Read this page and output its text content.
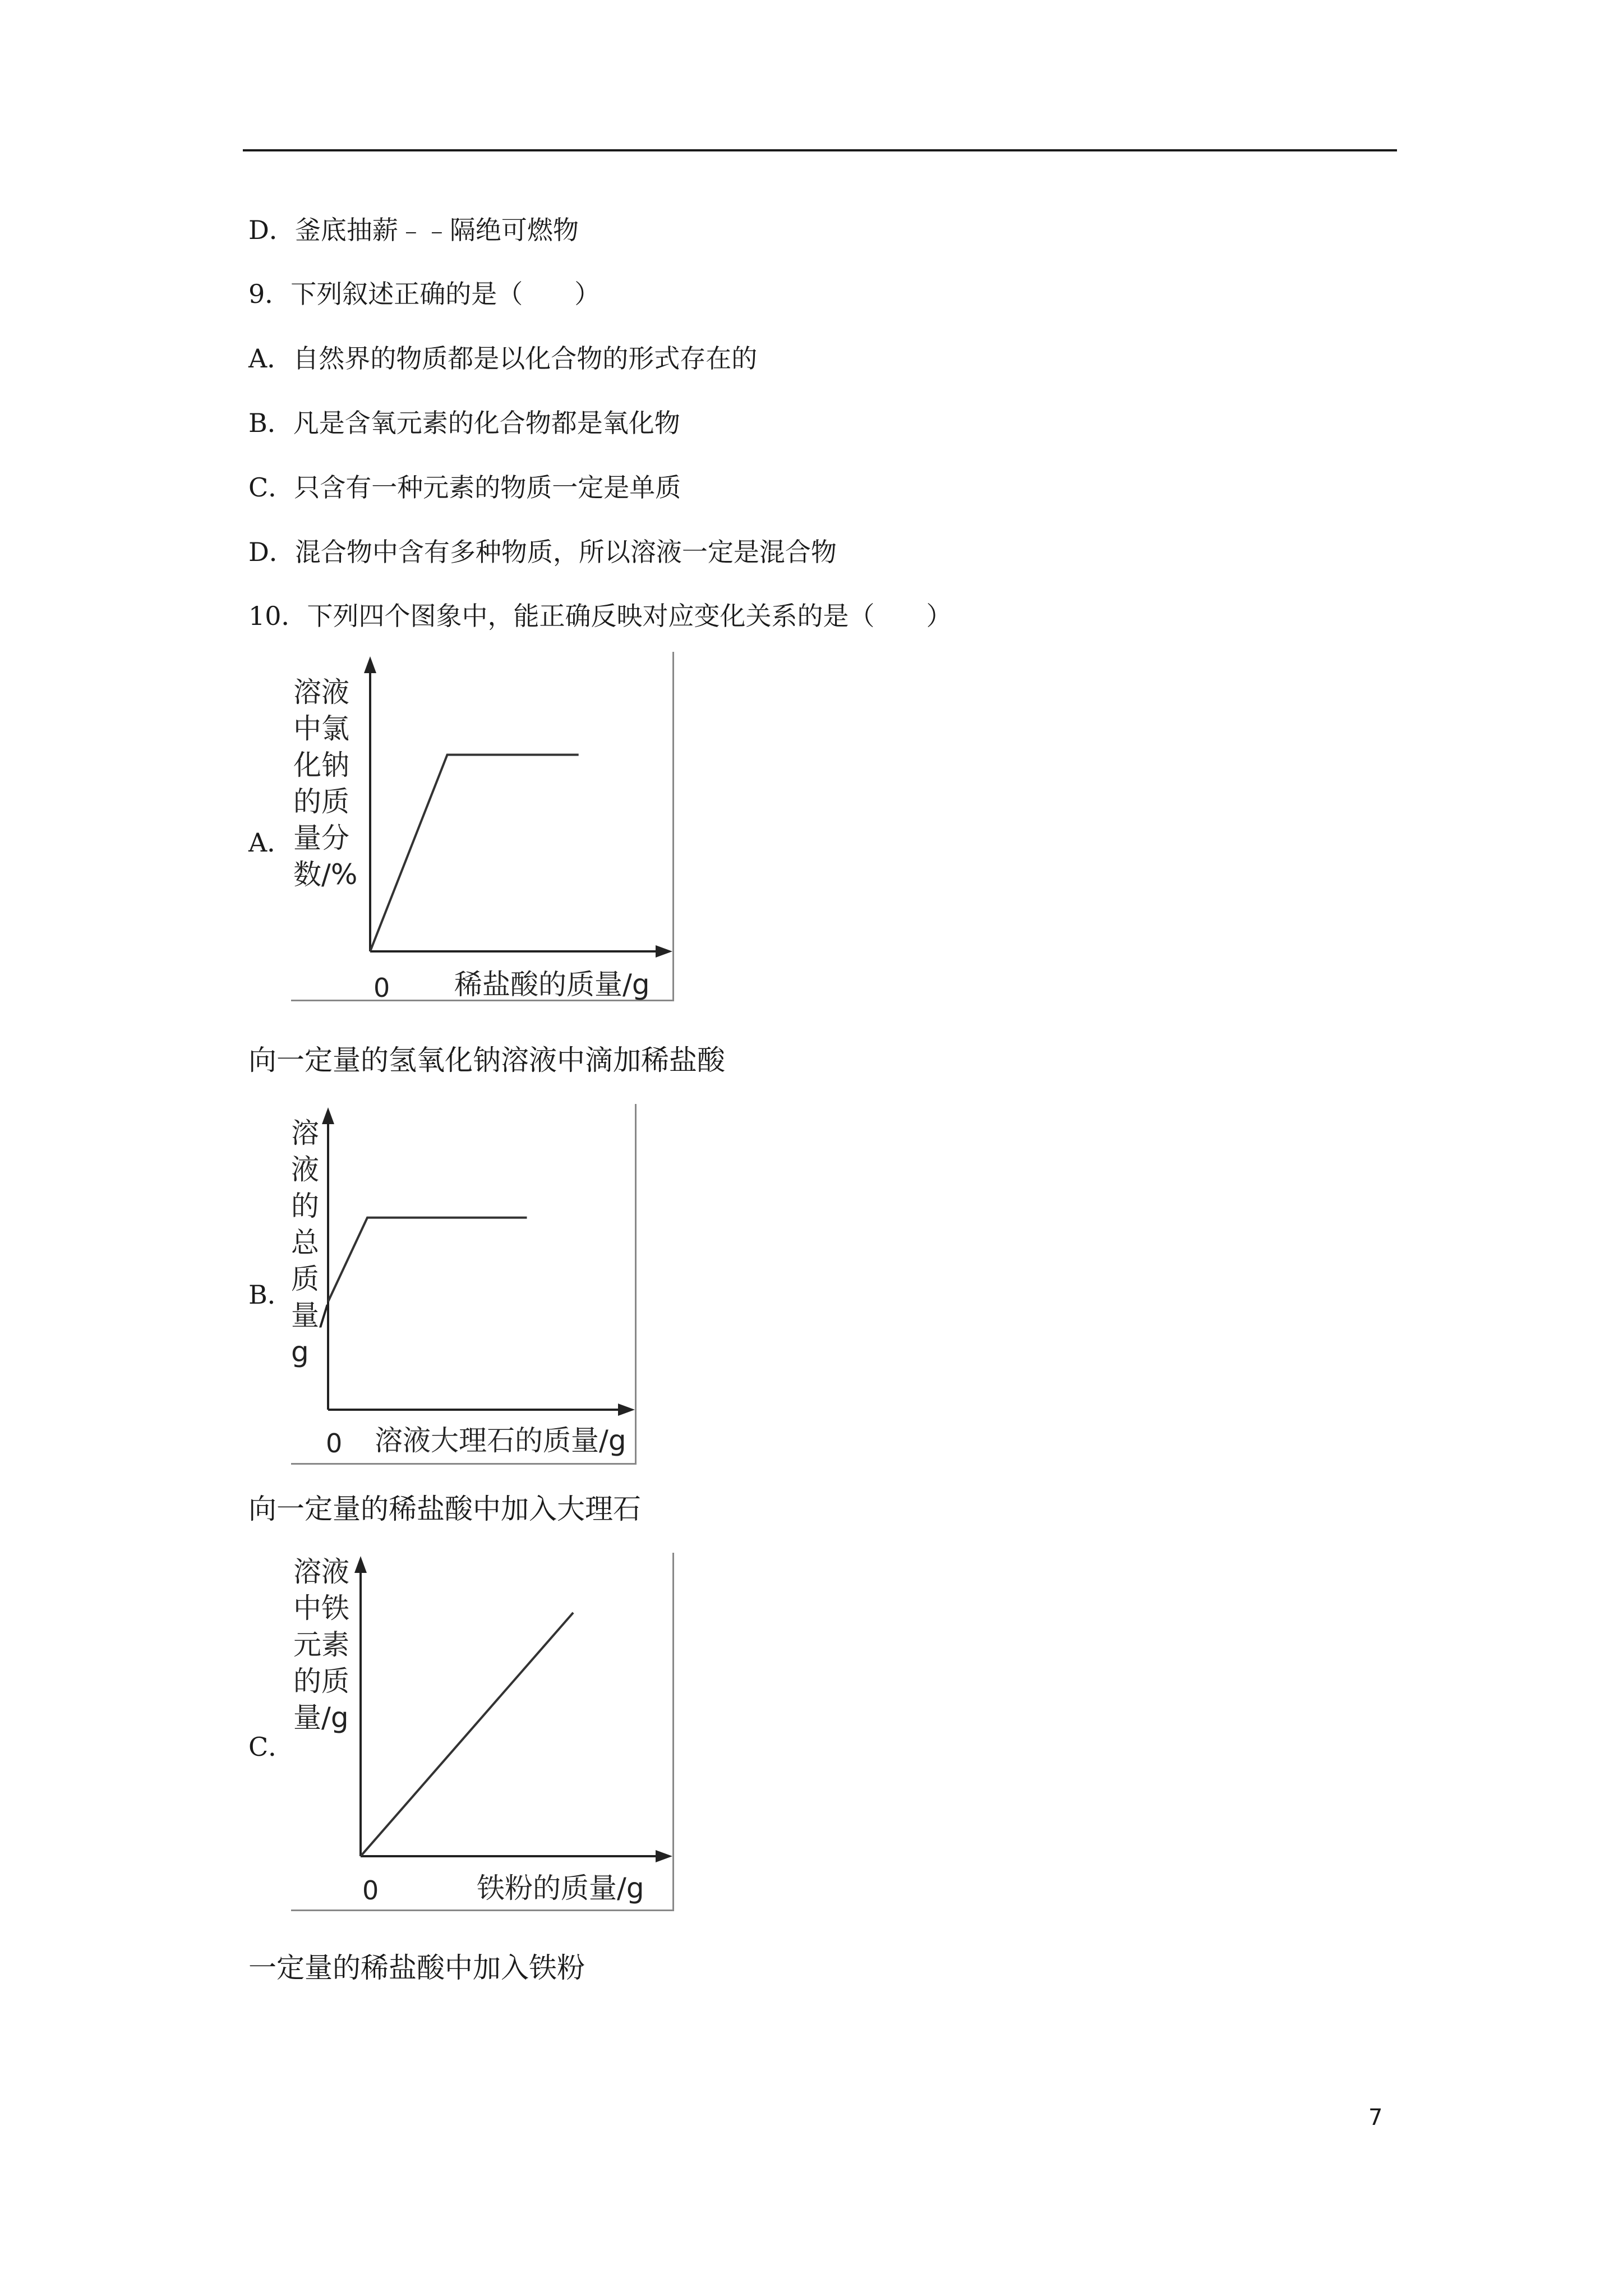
D．釜底抽薪﹣﹣隔绝可燃物
9．下列叙述正确的是（　　）
A．自然界的物质都是以化合物的形式存在的
B．凡是含氧元素的化合物都是氧化物
C．只含有一种元素的物质一定是单质
D．混合物中含有多种物质，所以溶液一定是混合物
10．下列四个图象中，能正确反映对应变化关系的是（　　）
A．
溶液中氯化钠的质量分数/%
0 稀盐酸的质量/g
向一定量的氢氧化钠溶液中滴加稀盐酸
B．
溶液的总质量/g
0 溶液大理石的质量/g
向一定量的稀盐酸中加入大理石
C．
溶液中铁元素的质量/g
0	铁粉的质量/g
一定量的稀盐酸中加入铁粉
7
